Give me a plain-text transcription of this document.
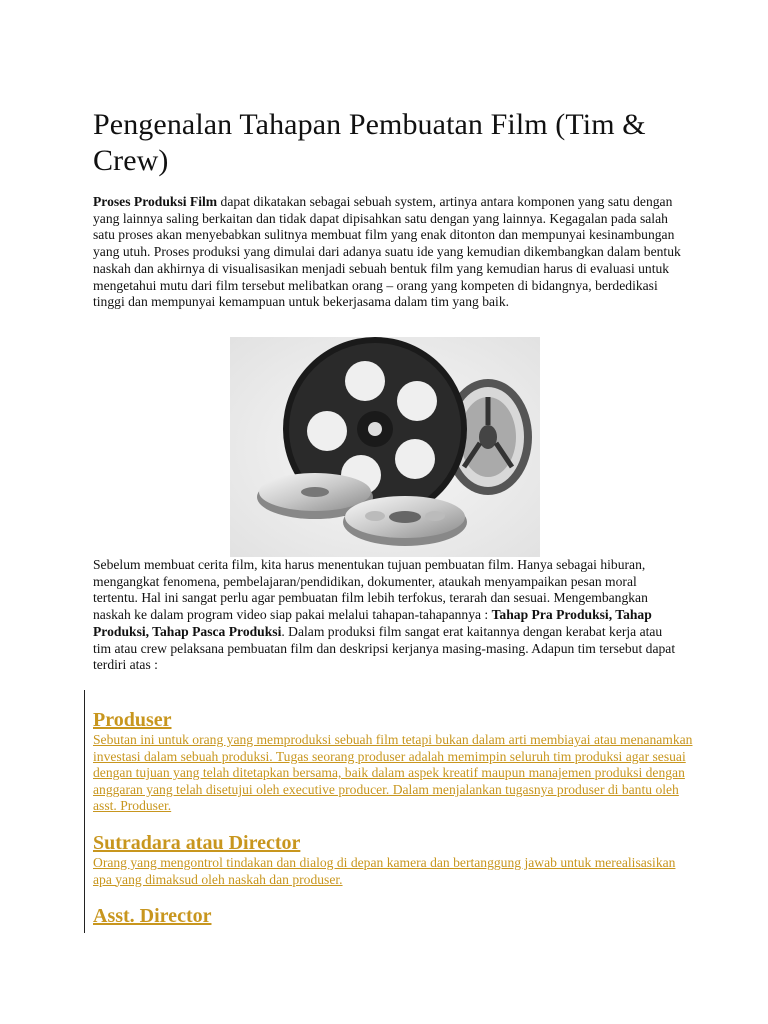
Pengenalan Tahapan Pembuatan Film (Tim & Crew)

Proses Produksi Film dapat dikatakan sebagai sebuah system, artinya antara komponen yang satu dengan yang lainnya saling berkaitan dan tidak dapat dipisahkan satu dengan yang lainnya. Kegagalan pada salah satu proses akan menyebabkan sulitnya membuat film yang enak ditonton dan mempunyai kesinambungan yang utuh. Proses produksi yang dimulai dari adanya suatu ide yang kemudian dikembangkan dalam bentuk naskah dan akhirnya di visualisasikan menjadi sebuah bentuk film yang kemudian harus di evaluasi untuk mengetahui mutu dari film tersebut melibatkan orang – orang yang kompeten di bidangnya, berdedikasi tinggi dan mempunyai kemampuan untuk bekerjasama dalam tim yang baik.

Sebelum membuat cerita film, kita harus menentukan tujuan pembuatan film. Hanya sebagai hiburan, mengangkat fenomena, pembelajaran/pendidikan, dokumenter, ataukah menyampaikan pesan moral tertentu. Hal ini sangat perlu agar pembuatan film lebih terfokus, terarah dan sesuai. Mengembangkan naskah ke dalam program video siap pakai melalui tahapan-tahapannya : Tahap Pra Produksi, Tahap Produksi, Tahap Pasca Produksi. Dalam produksi film sangat erat kaitannya dengan kerabat kerja atau tim atau crew pelaksana pembuatan film dan deskripsi kerjanya masing-masing. Adapun tim tersebut dapat terdiri atas :

Produser

Sebutan ini untuk orang yang memproduksi sebuah film tetapi bukan dalam arti membiayai atau menanamkan investasi dalam sebuah produksi. Tugas seorang produser adalah memimpin seluruh tim produksi agar sesuai dengan tujuan yang telah ditetapkan bersama, baik dalam aspek kreatif maupun manajemen produksi dengan anggaran yang telah disetujui oleh executive producer. Dalam menjalankan tugasnya produser di bantu oleh asst. Produser.

Sutradara atau Director

Orang yang mengontrol tindakan dan dialog di depan kamera dan bertanggung jawab untuk merealisasikan apa yang dimaksud oleh naskah dan produser.

Asst. Director
